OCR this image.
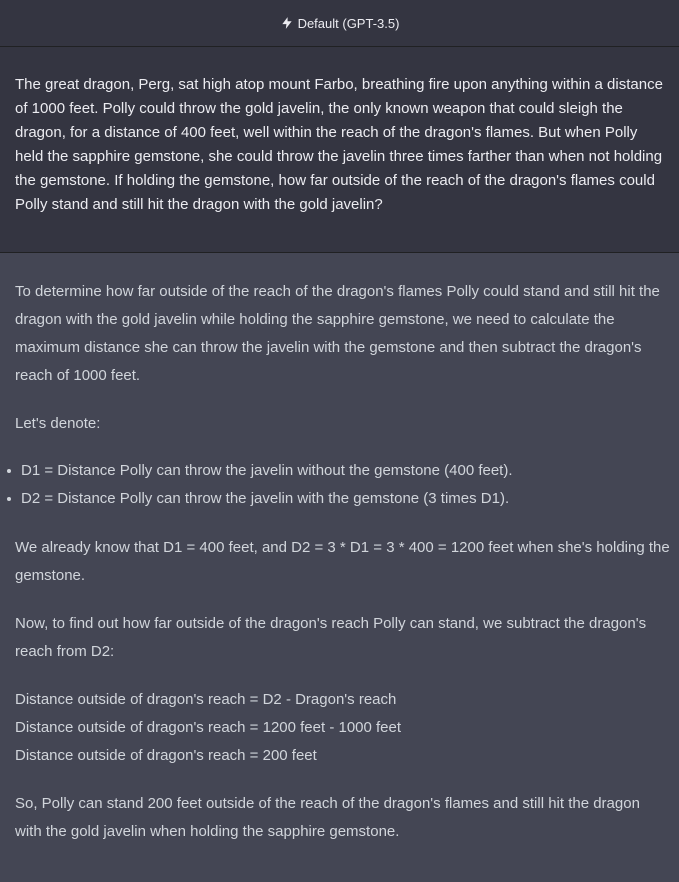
Default (GPT-3.5)

The great dragon, Perg, sat high atop mount Farbo, breathing fire upon anything within a distance of 1000 feet. Polly could throw the gold javelin, the only known weapon that could sleigh the dragon, for a distance of 400 feet, well within the reach of the dragon's flames. But when Polly held the sapphire gemstone, she could throw the javelin three times farther than when not holding the gemstone. If holding the gemstone, how far outside of the reach of the dragon's flames could Polly stand and still hit the dragon with the gold javelin?

To determine how far outside of the reach of the dragon's flames Polly could stand and still hit the dragon with the gold javelin while holding the sapphire gemstone, we need to calculate the maximum distance she can throw the javelin with the gemstone and then subtract the dragon's reach of 1000 feet.

Let's denote:

D1 = Distance Polly can throw the javelin without the gemstone (400 feet).
D2 = Distance Polly can throw the javelin with the gemstone (3 times D1).

We already know that D1 = 400 feet, and D2 = 3 * D1 = 3 * 400 = 1200 feet when she's holding the gemstone.

Now, to find out how far outside of the dragon's reach Polly can stand, we subtract the dragon's reach from D2:

Distance outside of dragon's reach = D2 - Dragon's reach
Distance outside of dragon's reach = 1200 feet - 1000 feet
Distance outside of dragon's reach = 200 feet

So, Polly can stand 200 feet outside of the reach of the dragon's flames and still hit the dragon with the gold javelin when holding the sapphire gemstone.
